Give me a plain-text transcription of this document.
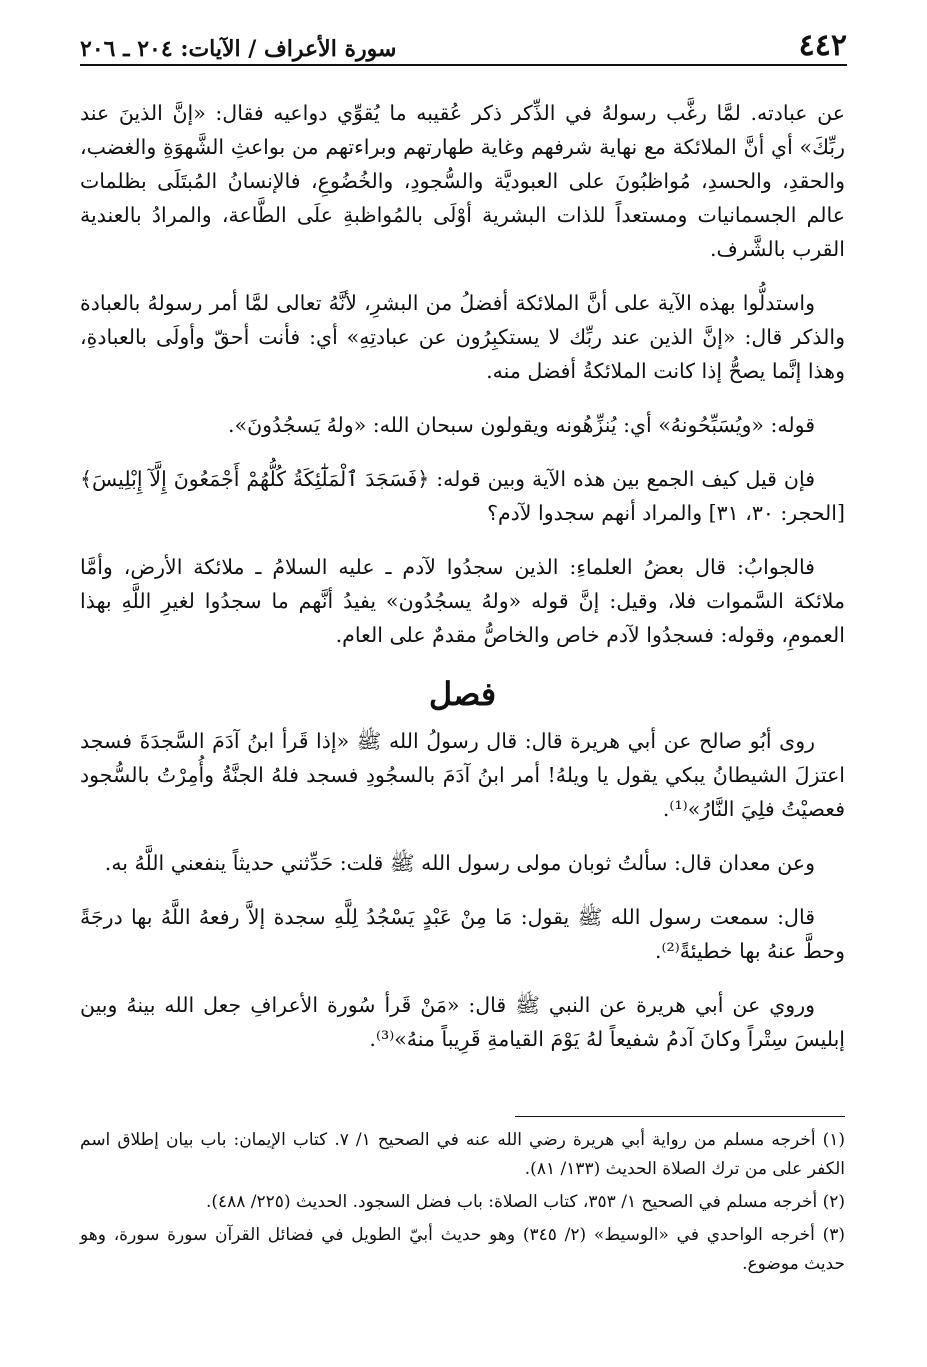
٤٤٢
سورة الأعراف / الآيات: ٢٠٤ ـ ٢٠٦

عن عبادته. لمَّا رغَّب رسولهُ في الذِّكر ذكر عُقيبه ما يُقوِّي دواعيه فقال: «إنَّ الذينَ عند ربِّكَ» أي أنَّ الملائكة مع نهاية شرفهم وغاية طهارتهم وبراءتهم من بواعثِ الشَّهوَةِ والغضب، والحقدِ، والحسدِ، مُواظبُونَ على العبوديَّة والسُّجودِ، والخُضُوعِ، فالإنسانُ المُبتَلَى بظلمات عالم الجسمانيات ومستعداً للذات البشرية أوْلَى بالمُواظبةِ علَى الطَّاعة، والمرادُ بالعندية القرب بالشَّرف.

واستدلُّوا بهذه الآية على أنَّ الملائكة أفضلُ من البشرِ، لأنَّهُ تعالى لمَّا أمر رسولهُ بالعبادة والذكر قال: «إنَّ الذين عند ربِّك لا يستكبِرُون عن عبادتِهِ» أي: فأنت أحقّ وأولَى بالعبادةِ، وهذا إنَّما يصحُّ إذا كانت الملائكةُ أفضل منه.

قوله: «ويُسَبِّحُونهُ» أي: يُنزِّهُونه ويقولون سبحان الله: «ولهُ يَسجُدُونَ».

فإن قيل كيف الجمع بين هذه الآية وبين قوله: ﴿فَسَجَدَ ٱلْمَلَٰٓئِكَةُ كُلُّهُمْ أَجْمَعُونَ إِلَّآ إِبْلِيسَ﴾ [الحجر: ٣٠، ٣١] والمراد أنهم سجدوا لآدم؟

فالجوابُ: قال بعضُ العلماءِ: الذين سجدُوا لآدم ـ عليه السلامُ ـ ملائكة الأرض، وأمَّا ملائكة السَّموات فلا، وقيل: إنَّ قوله «ولهُ يسجُدُون» يفيدُ أنَّهم ما سجدُوا لغيرِ اللَّهِ بهذا العمومِ، وقوله: فسجدُوا لآدم خاص والخاصُّ مقدمٌ على العام.

فصل

روى أبُو صالح عن أبي هريرة قال: قال رسولُ الله ﷺ «إذا قَرأ ابنُ آدَمَ السَّجدَةَ فسجد اعتزلَ الشيطانُ يبكي يقول يا ويلهُ! أمر ابنُ آدَمَ بالسجُودِ فسجد فلهُ الجنَّةُ وأُمِرْتُ بالسُّجود فعصيْتُ فلِيَ النَّارُ»⁽¹⁾.

وعن معدان قال: سألتُ ثوبان مولى رسول الله ﷺ قلت: حَدِّثني حديثاً ينفعني اللَّهُ به.

قال: سمعت رسول الله ﷺ يقول: مَا مِنْ عَبْدٍ يَسْجُدُ لِلَّهِ سجدة إلاَّ رفعهُ اللَّهُ بها درجَةً وحطَّ عنهُ بها خطيئةً⁽²⁾.

وروي عن أبي هريرة عن النبي ﷺ قال: «مَنْ قَرأ سُورة الأعرافِ جعل الله بينهُ وبين إبليسَ سِتْراً وكانَ آدمُ شفيعاً لهُ يَوْمَ القيامةِ قَرِيباً منهُ»⁽³⁾.

(١) أخرجه مسلم من رواية أبي هريرة رضي الله عنه في الصحيح ١/ ٧. كتاب الإيمان: باب بيان إطلاق اسم الكفر على من ترك الصلاة الحديث (١٣٣/ ٨١).

(٢) أخرجه مسلم في الصحيح ١/ ٣٥٣، كتاب الصلاة: باب فضل السجود. الحديث (٢٢٥/ ٤٨٨).

(٣) أخرجه الواحدي في «الوسيط» (٢/ ٣٤٥) وهو حديث أبيّ الطويل في فضائل القرآن سورة سورة، وهو حديث موضوع.
